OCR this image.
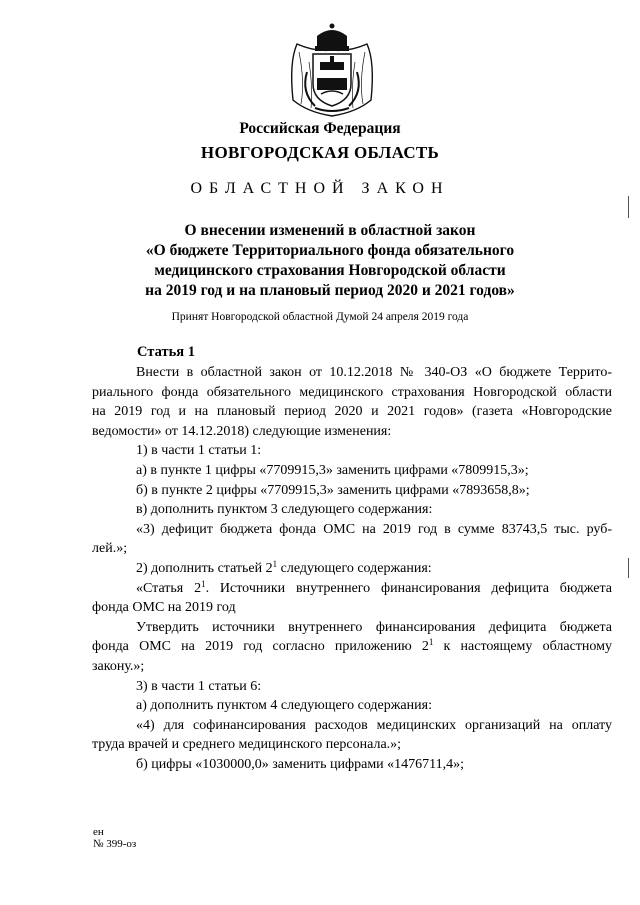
Российская Федерация
НОВГОРОДСКАЯ ОБЛАСТЬ
ОБЛАСТНОЙ ЗАКОН
О внесении изменений в областной закон
«О бюджете Территориального фонда обязательного
медицинского страхования Новгородской области
на 2019 год и на плановый период 2020 и 2021 годов»
Принят Новгородской областной Думой 24 апреля 2019 года
Статья 1

Внести в областной закон от 10.12.2018 № 340-ОЗ «О бюджете Террито-

риального фонда обязательного медицинского страхования Новгородской области

на 2019 год и на плановый период 2020 и 2021 годов» (газета «Новгородские

ведомости» от 14.12.2018) следующие изменения:

1) в части 1 статьи 1:

а) в пункте 1 цифры «7709915,3» заменить цифрами «7809915,3»;

б) в пункте 2 цифры «7709915,3» заменить цифрами «7893658,8»;

в) дополнить пунктом 3 следующего содержания:

«3) дефицит бюджета фонда ОМС на 2019 год в сумме 83743,5 тыс. руб-

лей.»;

2) дополнить статьей $2^1$ следующего содержания:

«Статья $2^1$. Источники внутреннего финансирования дефицита бюджета

фонда ОМС на 2019 год

Утвердить источники внутреннего финансирования дефицита бюджета

фонда ОМС на 2019 год согласно приложению $2^1$ к настоящему областному

закону.»;

3) в части 1 статьи 6:

а) дополнить пунктом 4 следующего содержания:

«4) для софинансирования расходов медицинских организаций на оплату

труда врачей и среднего медицинского персонала.»;

б) цифры «1030000,0» заменить цифрами «1476711,4»;

ен
№ 399-оз
